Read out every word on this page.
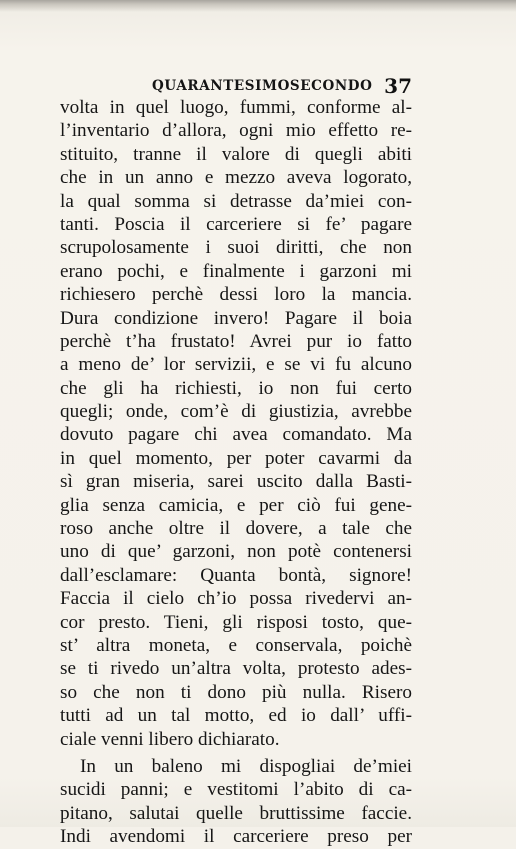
QUARANTESIMOSECONDO 37
volta in quel luogo, fummi, conforme al-
l’inventario d’allora, ogni mio effetto re-
stituito, tranne il valore di quegli abiti
che in un anno e mezzo aveva logorato,
la qual somma si detrasse da’miei con-
tanti. Poscia il carceriere si fe’ pagare
scrupolosamente i suoi diritti, che non
erano pochi, e finalmente i garzoni mi
richiesero perchè dessi loro la mancia.
Dura condizione invero! Pagare il boia
perchè t’ha frustato! Avrei pur io fatto
a meno de’ lor servizii, e se vi fu alcuno
che gli ha richiesti, io non fui certo
quegli; onde, com’è di giustizia, avrebbe
dovuto pagare chi avea comandato. Ma
in quel momento, per poter cavarmi da
sì gran miseria, sarei uscito dalla Basti-
glia senza camicia, e per ciò fui gene-
roso anche oltre il dovere, a tale che
uno di que’ garzoni, non potè contenersi
dall’esclamare: Quanta bontà, signore!
Faccia il cielo ch’io possa rivedervi an-
cor presto. Tieni, gli risposi tosto, que-
st’ altra moneta, e conservala, poichè
se ti rivedo un’altra volta, protesto ades-
so che non ti dono più nulla. Risero
tutti ad un tal motto, ed io dall’ uffi-
ciale venni libero dichiarato.
In un baleno mi dispogliai de’miei
sucidi panni; e vestitomi l’abito di ca-
pitano, salutai quelle bruttissime faccie.
Indi avendomi il carceriere preso per
